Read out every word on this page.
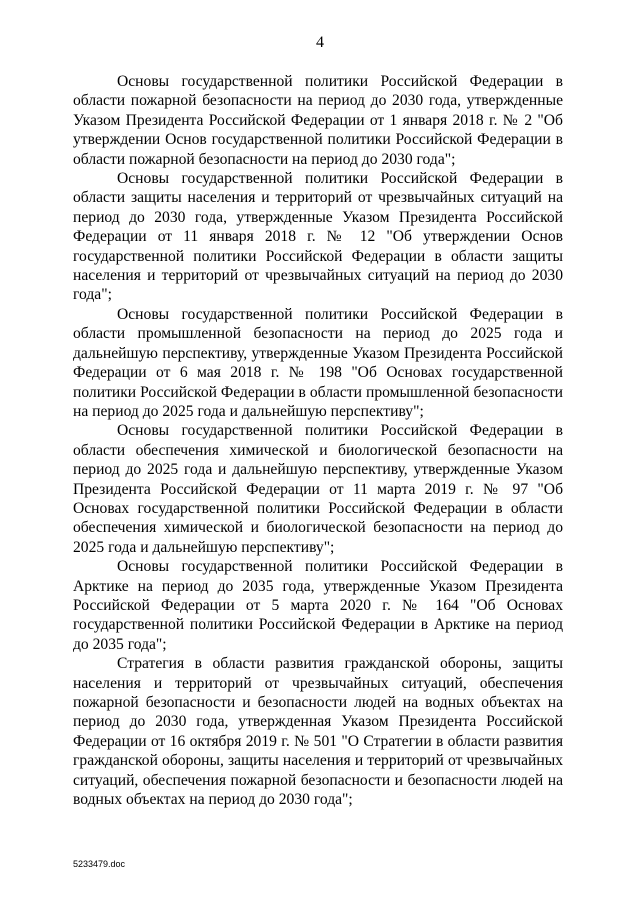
4

Основы государственной политики Российской Федерации в области пожарной безопасности на период до 2030 года, утвержденные Указом Президента Российской Федерации от 1 января 2018 г. № 2 "Об утверждении Основ государственной политики Российской Федерации в области пожарной безопасности на период до 2030 года";

Основы государственной политики Российской Федерации в области защиты населения и территорий от чрезвычайных ситуаций на период до 2030 года, утвержденные Указом Президента Российской Федерации от 11 января 2018 г. № 12 "Об утверждении Основ государственной политики Российской Федерации в области защиты населения и территорий от чрезвычайных ситуаций на период до 2030 года";

Основы государственной политики Российской Федерации в области промышленной безопасности на период до 2025 года и дальнейшую перспективу, утвержденные Указом Президента Российской Федерации от 6 мая 2018 г. № 198 "Об Основах государственной политики Российской Федерации в области промышленной безопасности на период до 2025 года и дальнейшую перспективу";

Основы государственной политики Российской Федерации в области обеспечения химической и биологической безопасности на период до 2025 года и дальнейшую перспективу, утвержденные Указом Президента Российской Федерации от 11 марта 2019 г. № 97 "Об Основах государственной политики Российской Федерации в области обеспечения химической и биологической безопасности на период до 2025 года и дальнейшую перспективу";

Основы государственной политики Российской Федерации в Арктике на период до 2035 года, утвержденные Указом Президента Российской Федерации от 5 марта 2020 г. № 164 "Об Основах государственной политики Российской Федерации в Арктике на период до 2035 года";

Стратегия в области развития гражданской обороны, защиты населения и территорий от чрезвычайных ситуаций, обеспечения пожарной безопасности и безопасности людей на водных объектах на период до 2030 года, утвержденная Указом Президента Российской Федерации от 16 октября 2019 г. № 501 "О Стратегии в области развития гражданской обороны, защиты населения и территорий от чрезвычайных ситуаций, обеспечения пожарной безопасности и безопасности людей на водных объектах на период до 2030 года";

5233479.doc
